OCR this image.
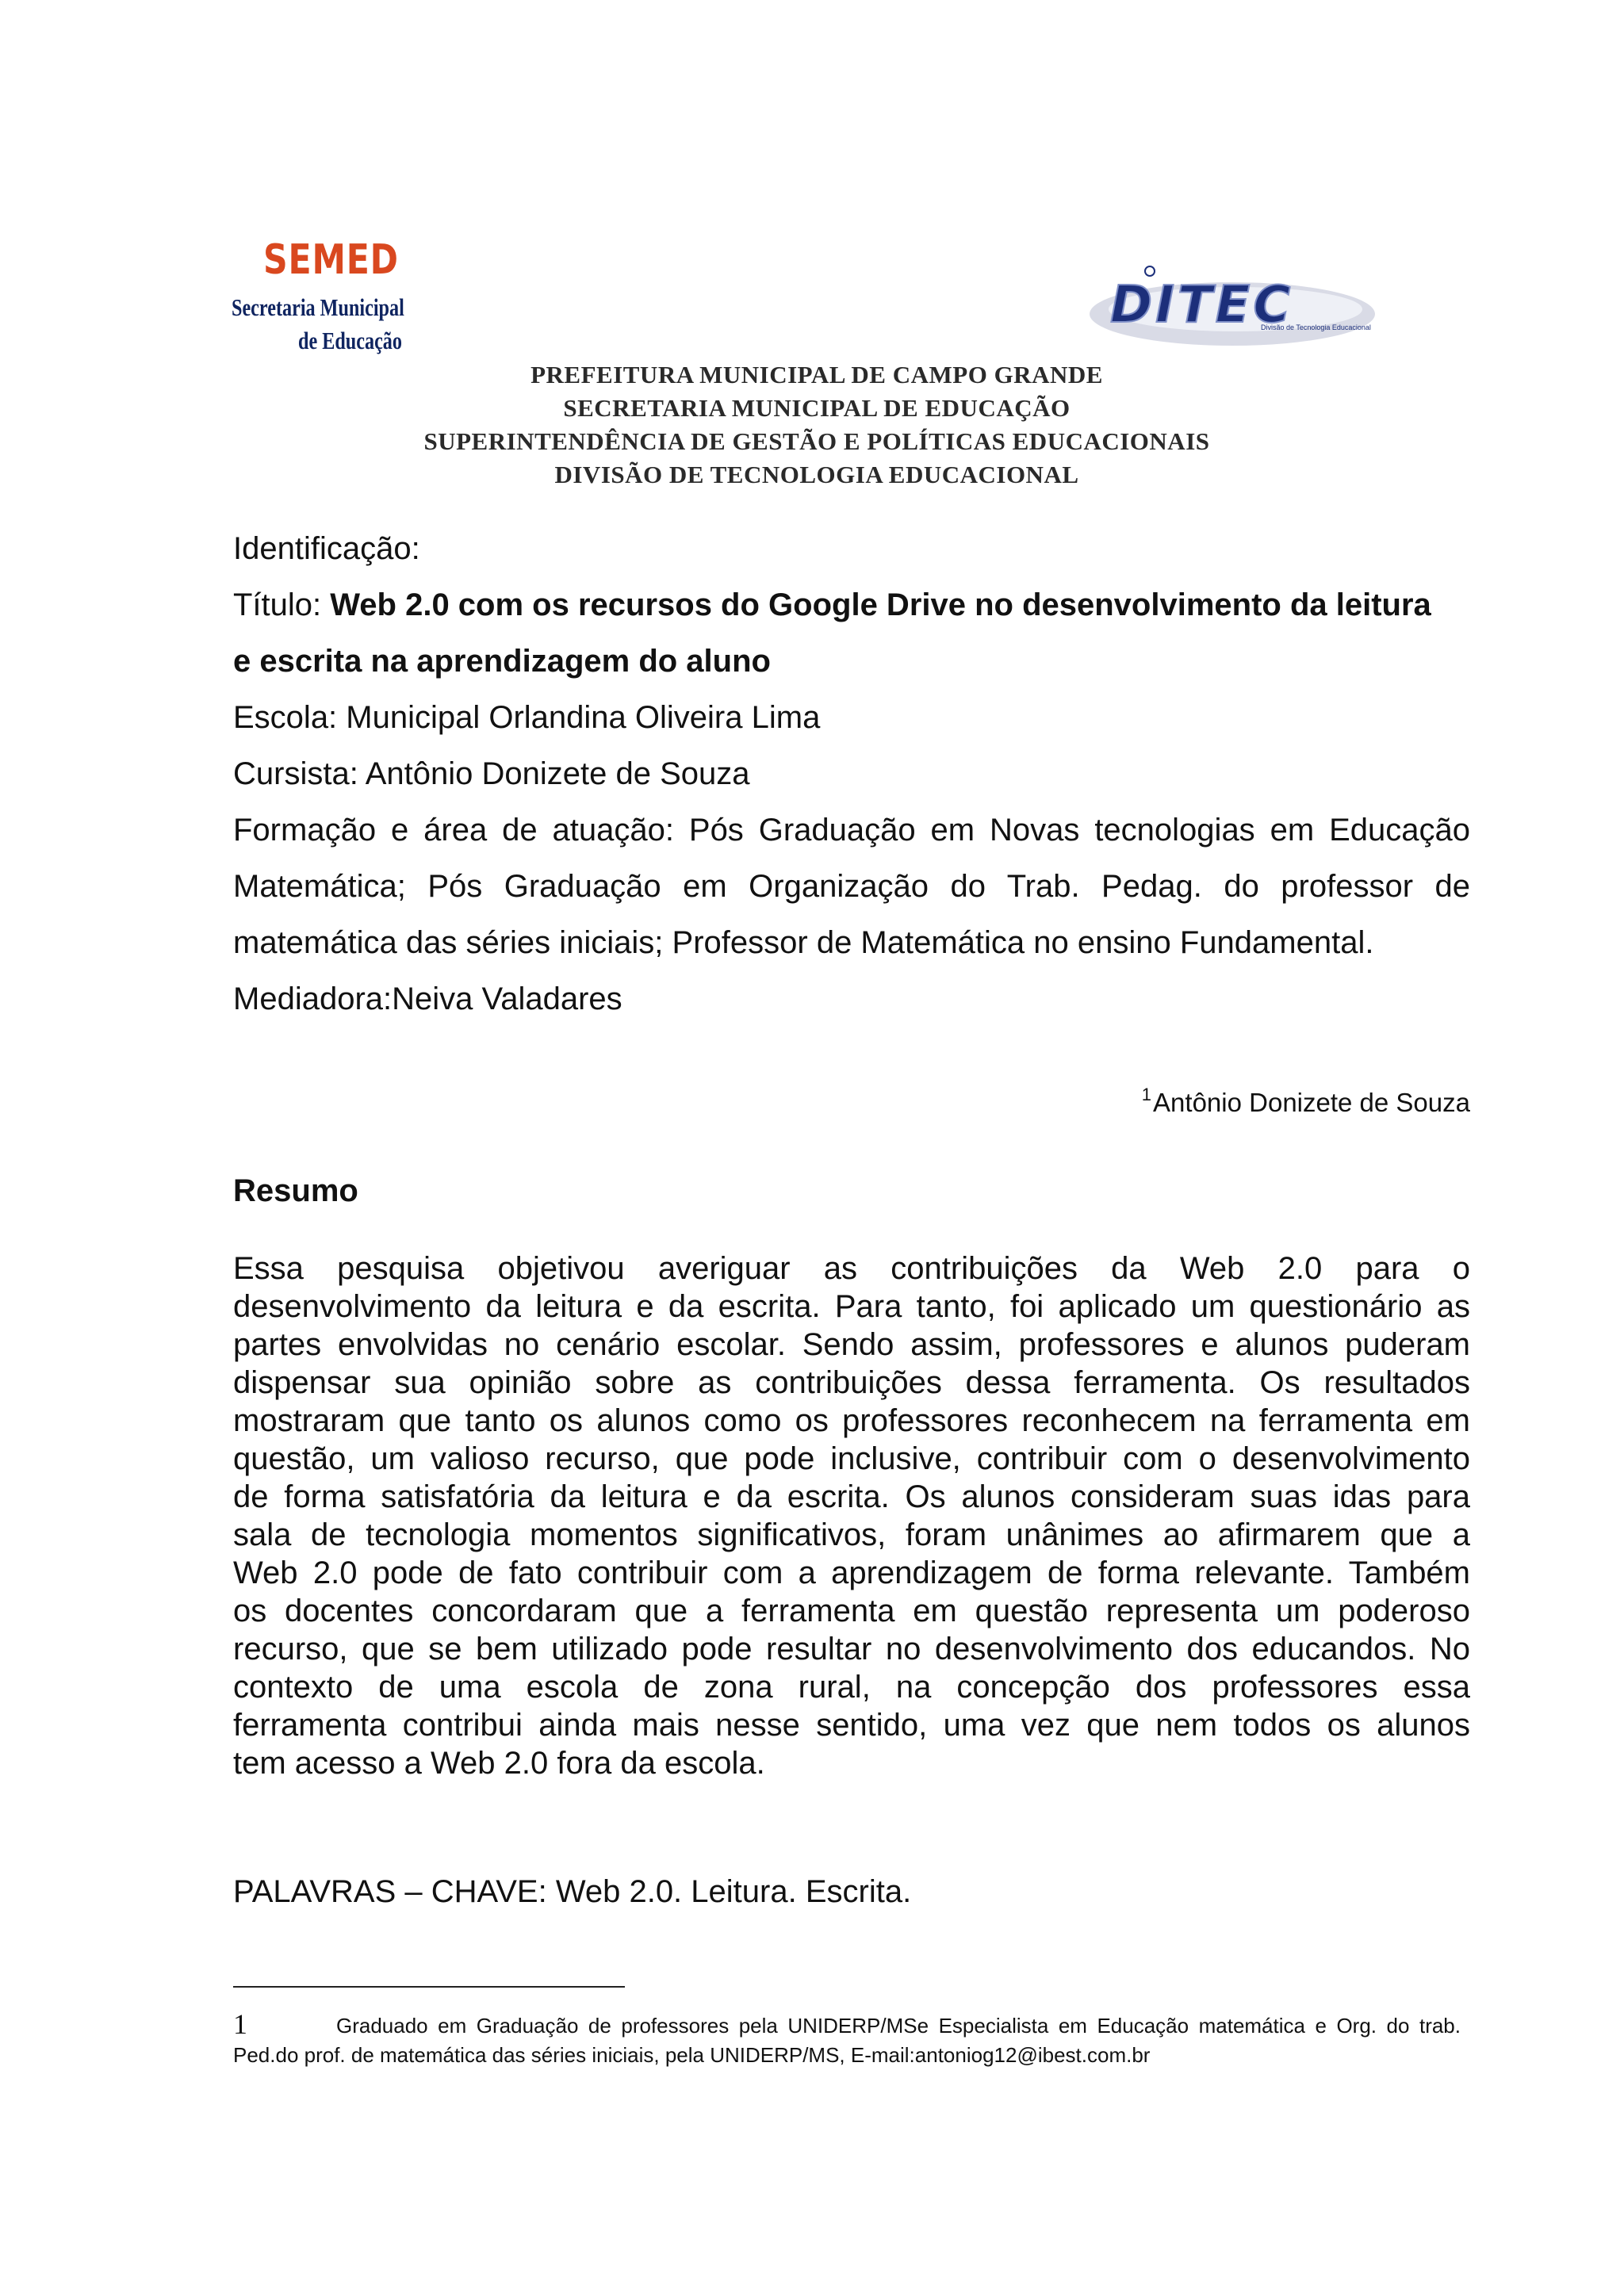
SEMED
Secretaria Municipal
de Educação
DITEC
Divisão de Tecnologia Educacional
PREFEITURA MUNICIPAL DE CAMPO GRANDE
SECRETARIA MUNICIPAL DE EDUCAÇÃO
SUPERINTENDÊNCIA DE GESTÃO E POLÍTICAS EDUCACIONAIS
DIVISÃO DE TECNOLOGIA EDUCACIONAL
Identificação:
Título: Web 2.0 com os recursos do Google Drive no desenvolvimento da leitura
e escrita na aprendizagem do aluno
Escola: Municipal Orlandina Oliveira Lima
Cursista: Antônio Donizete de Souza
Formação e área de atuação: Pós Graduação em Novas tecnologias em Educação
Matemática; Pós Graduação em Organização do Trab. Pedag. do professor de
matemática das séries iniciais; Professor de Matemática no ensino Fundamental.
Mediadora:Neiva Valadares
$^1$Antônio Donizete de Souza
Resumo
Essa pesquisa objetivou averiguar as contribuições da Web 2.0 para o
desenvolvimento da leitura e da escrita. Para tanto, foi aplicado um questionário as
partes envolvidas no cenário escolar. Sendo assim, professores e alunos puderam
dispensar sua opinião sobre as contribuições dessa ferramenta. Os resultados
mostraram que tanto os alunos como os professores reconhecem na ferramenta em
questão, um valioso recurso, que pode inclusive, contribuir com o desenvolvimento
de forma satisfatória da leitura e da escrita. Os alunos consideram suas idas para
sala de tecnologia momentos significativos, foram unânimes ao afirmarem que a
Web 2.0 pode de fato contribuir com a aprendizagem de forma relevante. Também
os docentes concordaram que a ferramenta em questão representa um poderoso
recurso, que se bem utilizado pode resultar no desenvolvimento dos educandos. No
contexto de uma escola de zona rural, na concepção dos professores essa
ferramenta contribui ainda mais nesse sentido, uma vez que nem todos os alunos
tem acesso a Web 2.0 fora da escola.
PALAVRAS – CHAVE: Web 2.0. Leitura. Escrita.
1	Graduado em Graduação de professores pela UNIDERP/MSe Especialista em Educação matemática e Org. do trab.
Ped.do prof. de matemática das séries iniciais, pela UNIDERP/MS, E-mail:antoniog12@ibest.com.br
